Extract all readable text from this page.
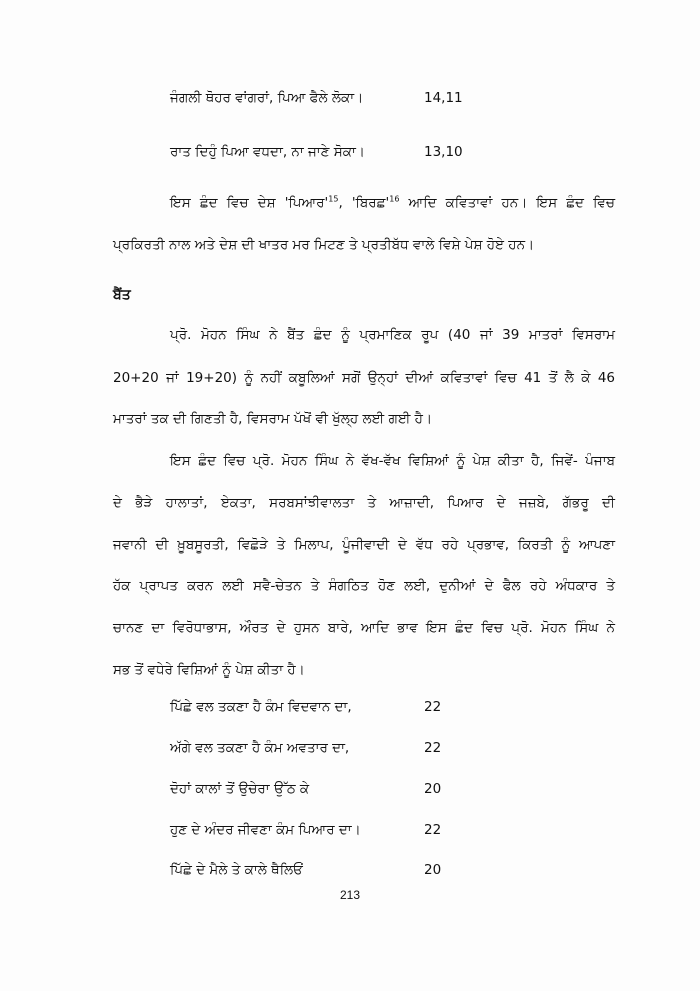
ਜੰਗਲੀ ਥੋਹਰ ਵਾਂਗਰਾਂ, ਪਿਆ ਫੈਲੇ ਲੋਕਾ।	14,11
ਰਾਤ ਦਿਹੁੰ ਪਿਆ ਵਧਦਾ, ਨਾ ਜਾਣੇ ਸੋਕਾ।	13,10
ਇਸ ਛੰਦ ਵਿਚ ਦੇਸ਼ '$ਪਿਆਰ'^{15}$, '$ਬਿਰਛ'^{16}$ ਆਦਿ ਕਵਿਤਾਵਾਂ ਹਨ। ਇਸ ਛੰਦ ਵਿਚ
ਪ੍ਰਕਿਰਤੀ ਨਾਲ ਅਤੇ ਦੇਸ਼ ਦੀ ਖਾਤਰ ਮਰ ਮਿਟਣ ਤੇ ਪ੍ਰਤੀਬੱਧ ਵਾਲੇ ਵਿਸ਼ੇ ਪੇਸ਼ ਹੋਏ ਹਨ।
ਬੈਂਤ
ਪ੍ਰੋ. ਮੋਹਨ ਸਿੰਘ ਨੇ ਬੈਂਤ ਛੰਦ ਨੂੰ ਪ੍ਰਮਾਣਿਕ ਰੂਪ (40 ਜਾਂ 39 ਮਾਤਰਾਂ ਵਿਸਰਾਮ
20+20 ਜਾਂ 19+20) ਨੂੰ ਨਹੀਂ ਕਬੂਲਿਆਂ ਸਗੋਂ ਉਨ੍ਹਾਂ ਦੀਆਂ ਕਵਿਤਾਵਾਂ ਵਿਚ 41 ਤੋਂ ਲੈ ਕੇ 46
ਮਾਤਰਾਂ ਤਕ ਦੀ ਗਿਣਤੀ ਹੈ, ਵਿਸਰਾਮ ਪੱਖੋਂ ਵੀ ਖੁੱਲ੍ਹ ਲਈ ਗਈ ਹੈ।
ਇਸ ਛੰਦ ਵਿਚ ਪ੍ਰੋ. ਮੋਹਨ ਸਿੰਘ ਨੇ ਵੱਖ-ਵੱਖ ਵਿਸ਼ਿਆਂ ਨੂੰ ਪੇਸ਼ ਕੀਤਾ ਹੈ, ਜਿਵੇਂ- ਪੰਜਾਬ
ਦੇ ਭੈੜੇ ਹਾਲਾਤਾਂ, ਏਕਤਾ, ਸਰਬਸਾਂਝੀਵਾਲਤਾ ਤੇ ਆਜ਼ਾਦੀ, ਪਿਆਰ ਦੇ ਜਜ਼ਬੇ, ਗੱਭਰੂ ਦੀ
ਜਵਾਨੀ ਦੀ ਖ਼ੂਬਸੂਰਤੀ, ਵਿਛੋੜੇ ਤੇ ਮਿਲਾਪ, ਪੂੰਜੀਵਾਦੀ ਦੇ ਵੱਧ ਰਹੇ ਪ੍ਰਭਾਵ, ਕਿਰਤੀ ਨੂੰ ਆਪਣਾ
ਹੱਕ ਪ੍ਰਾਪਤ ਕਰਨ ਲਈ ਸਵੈ-ਚੇਤਨ ਤੇ ਸੰਗਠਿਤ ਹੋਣ ਲਈ, ਦੁਨੀਆਂ ਦੇ ਫੈਲ ਰਹੇ ਅੰਧਕਾਰ ਤੇ
ਚਾਨਣ ਦਾ ਵਿਰੋਧਾਭਾਸ, ਔਰਤ ਦੇ ਹੁਸਨ ਬਾਰੇ, ਆਦਿ ਭਾਵ ਇਸ ਛੰਦ ਵਿਚ ਪ੍ਰੋ. ਮੋਹਨ ਸਿੰਘ ਨੇ
ਸਭ ਤੋਂ ਵਧੇਰੇ ਵਿਸ਼ਿਆਂ ਨੂੰ ਪੇਸ਼ ਕੀਤਾ ਹੈ।
ਪਿੱਛੇ ਵਲ ਤਕਣਾ ਹੈ ਕੰਮ ਵਿਦਵਾਨ ਦਾ,	22
ਅੱਗੇ ਵਲ ਤਕਣਾ ਹੈ ਕੰਮ ਅਵਤਾਰ ਦਾ,	22
ਦੋਹਾਂ ਕਾਲਾਂ ਤੋਂ ਉਚੇਰਾ ਉੱਠ ਕੇ	20
ਹੁਣ ਦੇ ਅੰਦਰ ਜੀਵਣਾ ਕੰਮ ਪਿਆਰ ਦਾ।	22
ਪਿੱਛੇ ਦੇ ਮੈਲੇ ਤੇ ਕਾਲੇ ਥੈਲਿਓਂ	20
213
